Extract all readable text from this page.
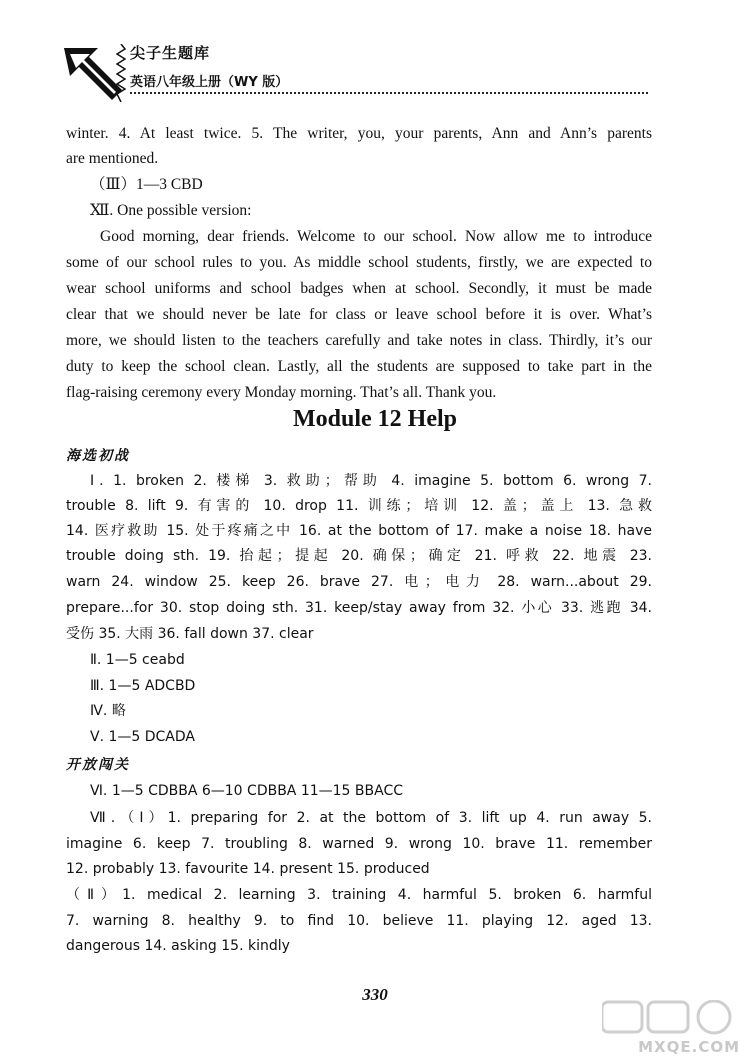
尖子生题库
英语八年级上册（WY 版）
winter. 4. At least twice. 5. The writer, you, your parents, Ann and Ann’s parents
are mentioned.
（Ⅲ）1—3 CBD
Ⅻ. One possible version:
Good morning, dear friends. Welcome to our school. Now allow me to introduce
some of our school rules to you. As middle school students, firstly, we are expected to
wear school uniforms and school badges when at school. Secondly, it must be made
clear that we should never be late for class or leave school before it is over. What’s
more, we should listen to the teachers carefully and take notes in class. Thirdly, it’s our
duty to keep the school clean. Lastly, all the students are supposed to take part in the
flag-raising ceremony every Monday morning. That’s all. Thank you.
Module 12 Help
海选初战
Ⅰ. 1. broken 2. 楼梯 3. 救助；帮助 4. imagine 5. bottom 6. wrong 7.
trouble 8. lift 9. 有害的 10. drop 11. 训练；培训 12. 盖；盖上 13. 急救
14. 医疗救助 15. 处于疼痛之中 16. at the bottom of 17. make a noise 18. have
trouble doing sth. 19. 抬起；提起 20. 确保；确定 21. 呼救 22. 地震 23.
warn 24. window 25. keep 26. brave 27. 电；电力 28. warn...about 29.
prepare...for 30. stop doing sth. 31. keep/stay away from 32. 小心 33. 逃跑 34.
受伤 35. 大雨 36. fall down 37. clear
Ⅱ. 1—5 ceabd
Ⅲ. 1—5 ADCBD
Ⅳ. 略
Ⅴ. 1—5 DCADA
开放闯关
Ⅵ. 1—5 CDBBA 6—10 CDBBA 11—15 BBACC
Ⅶ.（Ⅰ）1. preparing for 2. at the bottom of 3. lift up 4. run away 5.
imagine 6. keep 7. troubling 8. warned 9. wrong 10. brave 11. remember
12. probably 13. favourite 14. present 15. produced
（Ⅱ）1. medical 2. learning 3. training 4. harmful 5. broken 6. harmful
7. warning 8. healthy 9. to find 10. believe 11. playing 12. aged 13.
dangerous 14. asking 15. kindly
330
MXQE.COM
